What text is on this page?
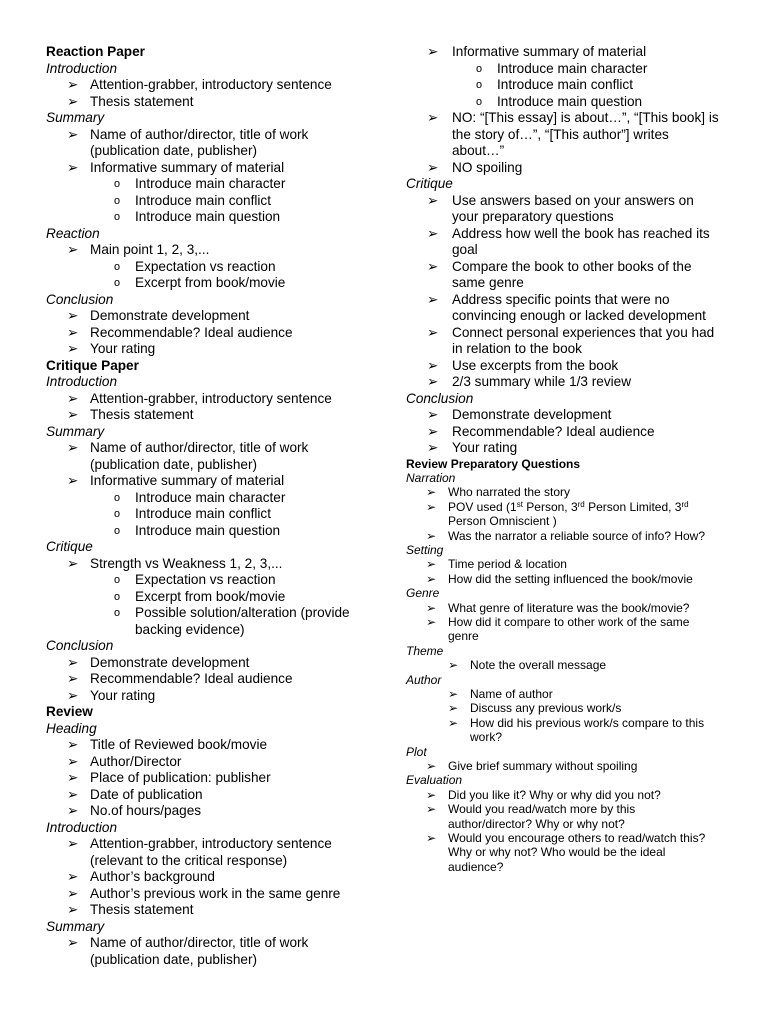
Reaction Paper
Introduction
➢ Attention-grabber, introductory sentence
➢ Thesis statement
Summary
➢ Name of author/director, title of work
(publication date, publisher)
➢ Informative summary of material
o Introduce main character
o Introduce main conflict
o Introduce main question
Reaction
➢ Main point 1, 2, 3,...
o Expectation vs reaction
o Excerpt from book/movie
Conclusion
➢ Demonstrate development
➢ Recommendable? Ideal audience
➢ Your rating
Critique Paper
Introduction
➢ Attention-grabber, introductory sentence
➢ Thesis statement
Summary
➢ Name of author/director, title of work
(publication date, publisher)
➢ Informative summary of material
o Introduce main character
o Introduce main conflict
o Introduce main question
Critique
➢ Strength vs Weakness 1, 2, 3,...
o Expectation vs reaction
o Excerpt from book/movie
o Possible solution/alteration (provide
backing evidence)
Conclusion
➢ Demonstrate development
➢ Recommendable? Ideal audience
➢ Your rating
Review
Heading
➢ Title of Reviewed book/movie
➢ Author/Director
➢ Place of publication: publisher
➢ Date of publication
➢ No.of hours/pages
Introduction
➢ Attention-grabber, introductory sentence
(relevant to the critical response)
➢ Author’s background
➢ Author’s previous work in the same genre
➢ Thesis statement
Summary
➢ Name of author/director, title of work
(publication date, publisher)
➢ Informative summary of material
o Introduce main character
o Introduce main conflict
o Introduce main question
➢ NO: “[This essay] is about…”, “[This book] is
the story of…”, “[This author”] writes
about…”
➢ NO spoiling
Critique
➢ Use answers based on your answers on
your preparatory questions
➢ Address how well the book has reached its
goal
➢ Compare the book to other books of the
same genre
➢ Address specific points that were no
convincing enough or lacked development
➢ Connect personal experiences that you had
in relation to the book
➢ Use excerpts from the book
➢ 2/3 summary while 1/3 review
Conclusion
➢ Demonstrate development
➢ Recommendable? Ideal audience
➢ Your rating
Review Preparatory Questions
Narration
➢ Who narrated the story
➢ POV used (1st Person, 3rd Person Limited, 3rd
Person Omniscient )
➢ Was the narrator a reliable source of info? How?
Setting
➢ Time period & location
➢ How did the setting influenced the book/movie
Genre
➢ What genre of literature was the book/movie?
➢ How did it compare to other work of the same
genre
Theme
➢ Note the overall message
Author
➢ Name of author
➢ Discuss any previous work/s
➢ How did his previous work/s compare to this
work?
Plot
➢ Give brief summary without spoiling
Evaluation
➢ Did you like it? Why or why did you not?
➢ Would you read/watch more by this
author/director? Why or why not?
➢ Would you encourage others to read/watch this?
Why or why not? Who would be the ideal
audience?
